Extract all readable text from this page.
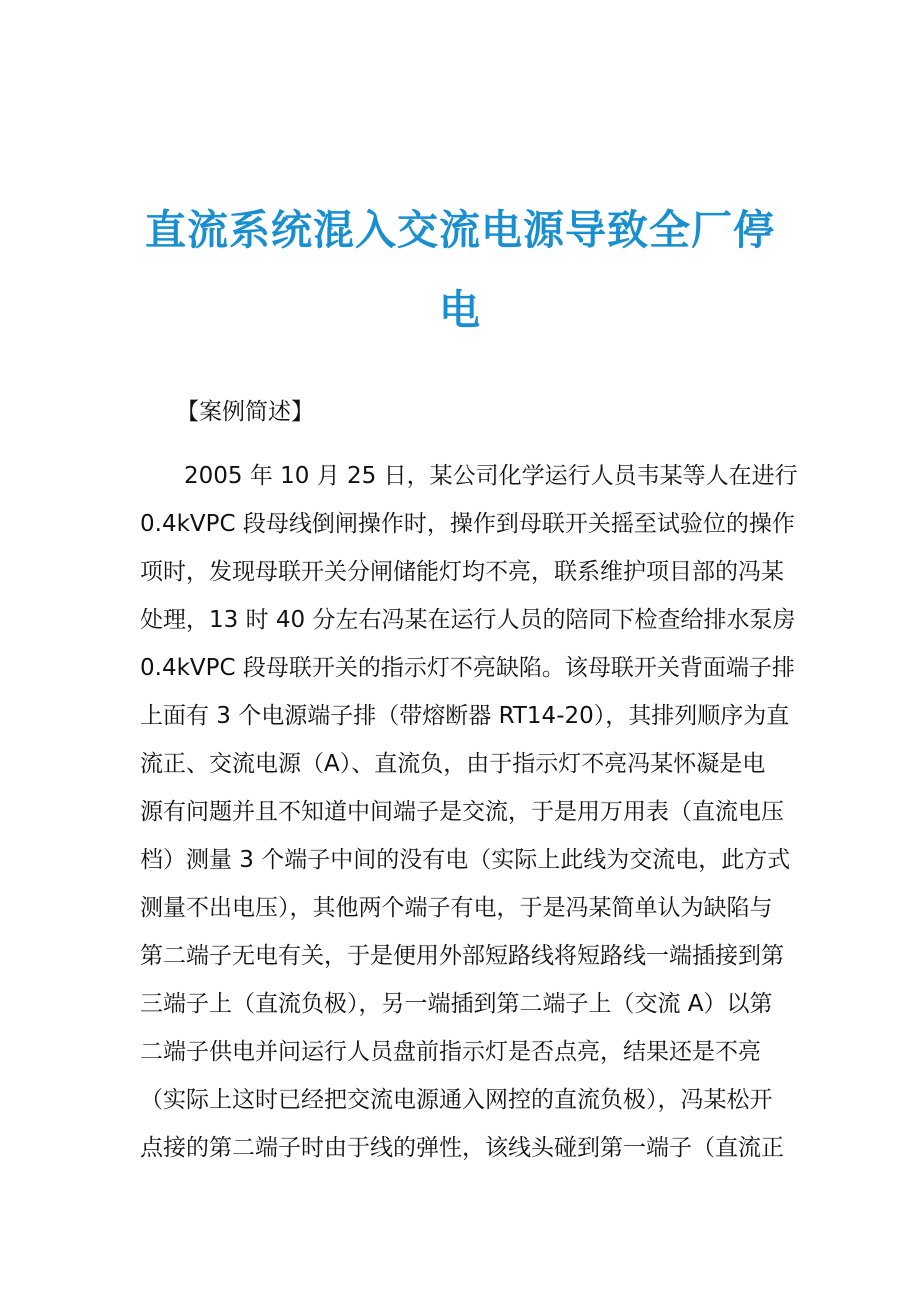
直流系统混入交流电源导致全厂停
电
【案例简述】
2005 年 10 月 25 日，某公司化学运行人员韦某等人在进行
0.4kVPC 段母线倒闸操作时，操作到母联开关摇至试验位的操作
项时，发现母联开关分闸储能灯均不亮，联系维护项目部的冯某
处理，13 时 40 分左右冯某在运行人员的陪同下检查给排水泵房
0.4kVPC 段母联开关的指示灯不亮缺陷。该母联开关背面端子排
上面有 3 个电源端子排（带熔断器 RT14-20），其排列顺序为直
流正、交流电源（A）、直流负，由于指示灯不亮冯某怀凝是电
源有问题并且不知道中间端子是交流，于是用万用表（直流电压
档）测量 3 个端子中间的没有电（实际上此线为交流电，此方式
测量不出电压），其他两个端子有电，于是冯某简单认为缺陷与
第二端子无电有关，于是便用外部短路线将短路线一端插接到第
三端子上（直流负极），另一端插到第二端子上（交流 A）以第
二端子供电并问运行人员盘前指示灯是否点亮，结果还是不亮
（实际上这时已经把交流电源通入网控的直流负极），冯某松开
点接的第二端子时由于线的弹性，该线头碰到第一端子（直流正
